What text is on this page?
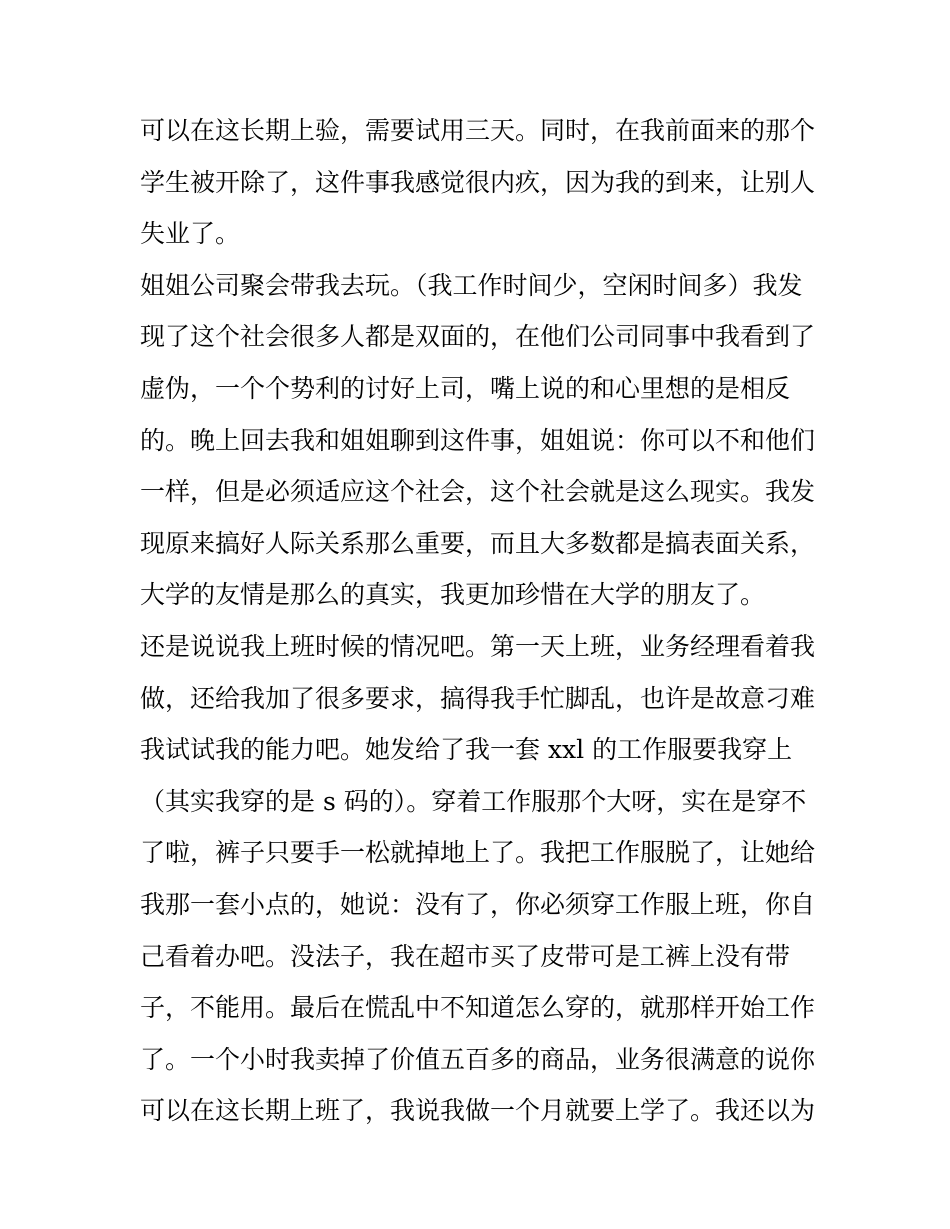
可以在这长期上验，需要试用三天。同时，在我前面来的那个
学生被开除了，这件事我感觉很内疚，因为我的到来，让别人
失业了。
姐姐公司聚会带我去玩。（我工作时间少，空闲时间多）我发
现了这个社会很多人都是双面的，在他们公司同事中我看到了
虚伪，一个个势利的讨好上司，嘴上说的和心里想的是相反
的。晚上回去我和姐姐聊到这件事，姐姐说：你可以不和他们
一样，但是必须适应这个社会，这个社会就是这么现实。我发
现原来搞好人际关系那么重要，而且大多数都是搞表面关系，
大学的友情是那么的真实，我更加珍惜在大学的朋友了。
还是说说我上班时候的情况吧。第一天上班，业务经理看着我
做，还给我加了很多要求，搞得我手忙脚乱，也许是故意刁难
我试试我的能力吧。她发给了我一套 xxl 的工作服要我穿上
（其实我穿的是 s 码的）。穿着工作服那个大呀，实在是穿不
了啦，裤子只要手一松就掉地上了。我把工作服脱了，让她给
我那一套小点的，她说：没有了，你必须穿工作服上班，你自
己看着办吧。没法子，我在超市买了皮带可是工裤上没有带
子，不能用。最后在慌乱中不知道怎么穿的，就那样开始工作
了。一个小时我卖掉了价值五百多的商品，业务很满意的说你
可以在这长期上班了，我说我做一个月就要上学了。我还以为
